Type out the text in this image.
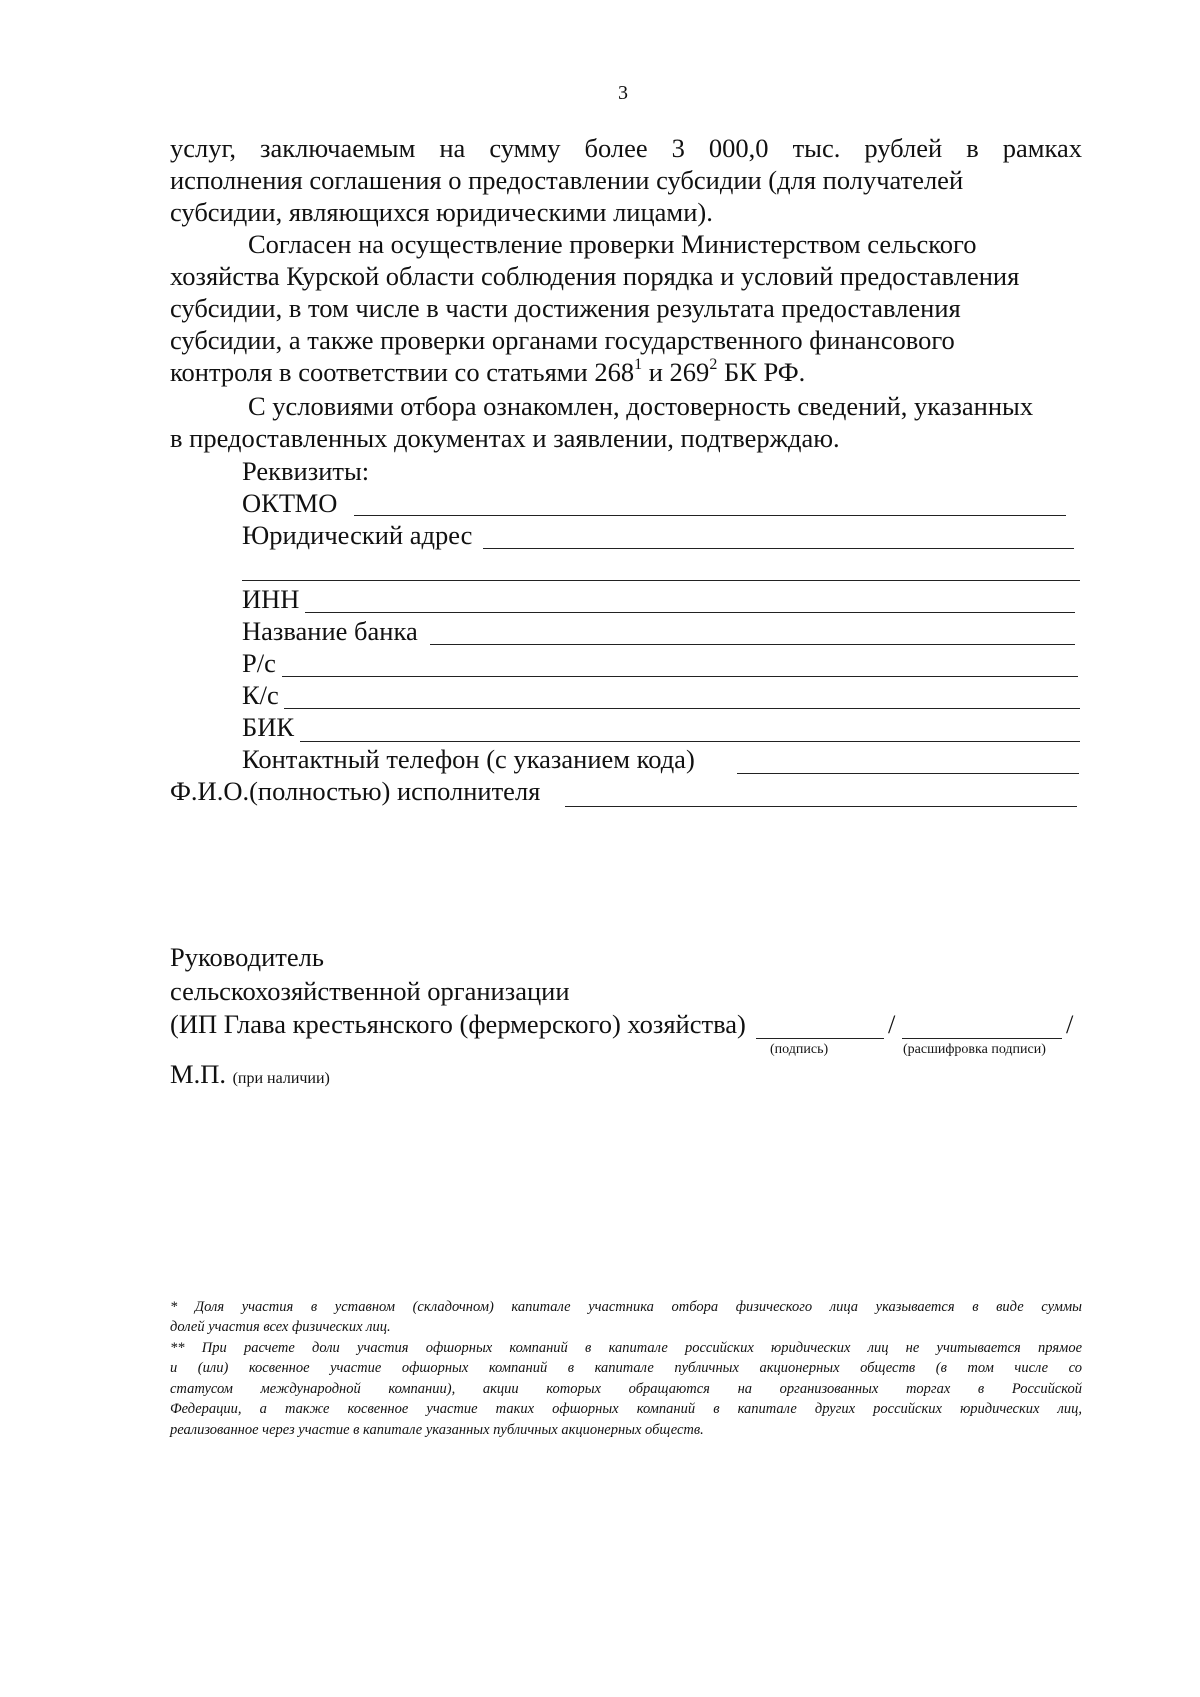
3
услуг, заключаемым на сумму более 3 000,0 тыс. рублей в рамках
исполнения соглашения о предоставлении субсидии (для получателей
субсидии, являющихся юридическими лицами).
Согласен на осуществление проверки Министерством сельского
хозяйства Курской области соблюдения порядка и условий предоставления
субсидии, в том числе в части достижения результата предоставления
субсидии, а также проверки органами государственного финансового
контроля в соответствии со статьями $268^1$ и $269^2$ БК РФ.
С условиями отбора ознакомлен, достоверность сведений, указанных
в предоставленных документах и заявлении, подтверждаю.
Реквизиты:
ОКТМО
Юридический адрес
ИНН
Название банка
Р/с
К/с
БИК
Контактный телефон (с указанием кода)
Ф.И.О.(полностью) исполнителя
Руководитель
сельскохозяйственной организации
(ИП Глава крестьянского (фермерского) хозяйства)	/	/
(подпись)	(расшифровка подписи)
М.П. (при наличии)
* Доля участия в уставном (складочном) капитале участника отбора физического лица указывается в виде суммы
долей участия всех физических лиц.
** При расчете доли участия офшорных компаний в капитале российских юридических лиц не учитывается прямое
и (или) косвенное участие офшорных компаний в капитале публичных акционерных обществ (в том числе со
статусом международной компании), акции которых обращаются на организованных торгах в Российской
Федерации, а также косвенное участие таких офшорных компаний в капитале других российских юридических лиц,
реализованное через участие в капитале указанных публичных акционерных обществ.
